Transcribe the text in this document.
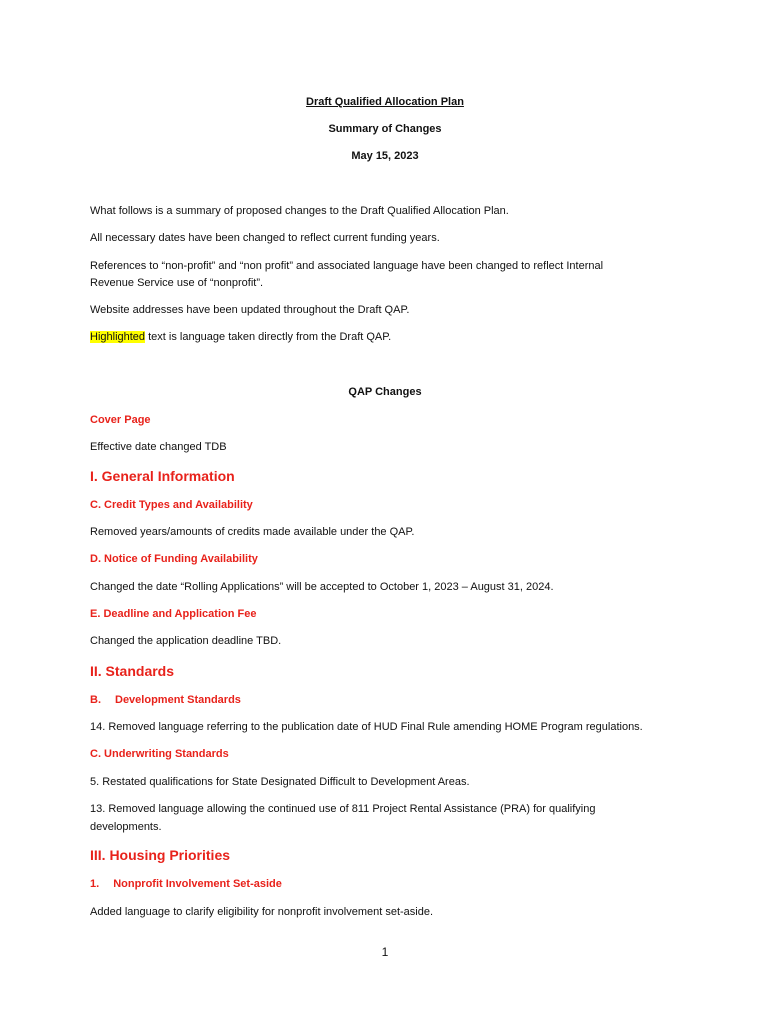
Draft Qualified Allocation Plan

Summary of Changes

May 15, 2023

What follows is a summary of proposed changes to the Draft Qualified Allocation Plan.

All necessary dates have been changed to reflect current funding years.

References to “non-profit” and “non profit” and associated language have been changed to reflect Internal

Revenue Service use of “nonprofit”.

Website addresses have been updated throughout the Draft QAP.

Highlighted text is language taken directly from the Draft QAP.

QAP Changes

Cover Page

Effective date changed TDB

I. General Information

C. Credit Types and Availability

Removed years/amounts of credits made available under the QAP.

D. Notice of Funding Availability

Changed the date “Rolling Applications” will be accepted to October 1, 2023 – August 31, 2024.

E. Deadline and Application Fee

Changed the application deadline TBD.

II. Standards

B. Development Standards

14. Removed language referring to the publication date of HUD Final Rule amending HOME Program regulations.

C. Underwriting Standards

5. Restated qualifications for State Designated Difficult to Development Areas.

13. Removed language allowing the continued use of 811 Project Rental Assistance (PRA) for qualifying

developments.

III. Housing Priorities

1. Nonprofit Involvement Set-aside

Added language to clarify eligibility for nonprofit involvement set-aside.

1
